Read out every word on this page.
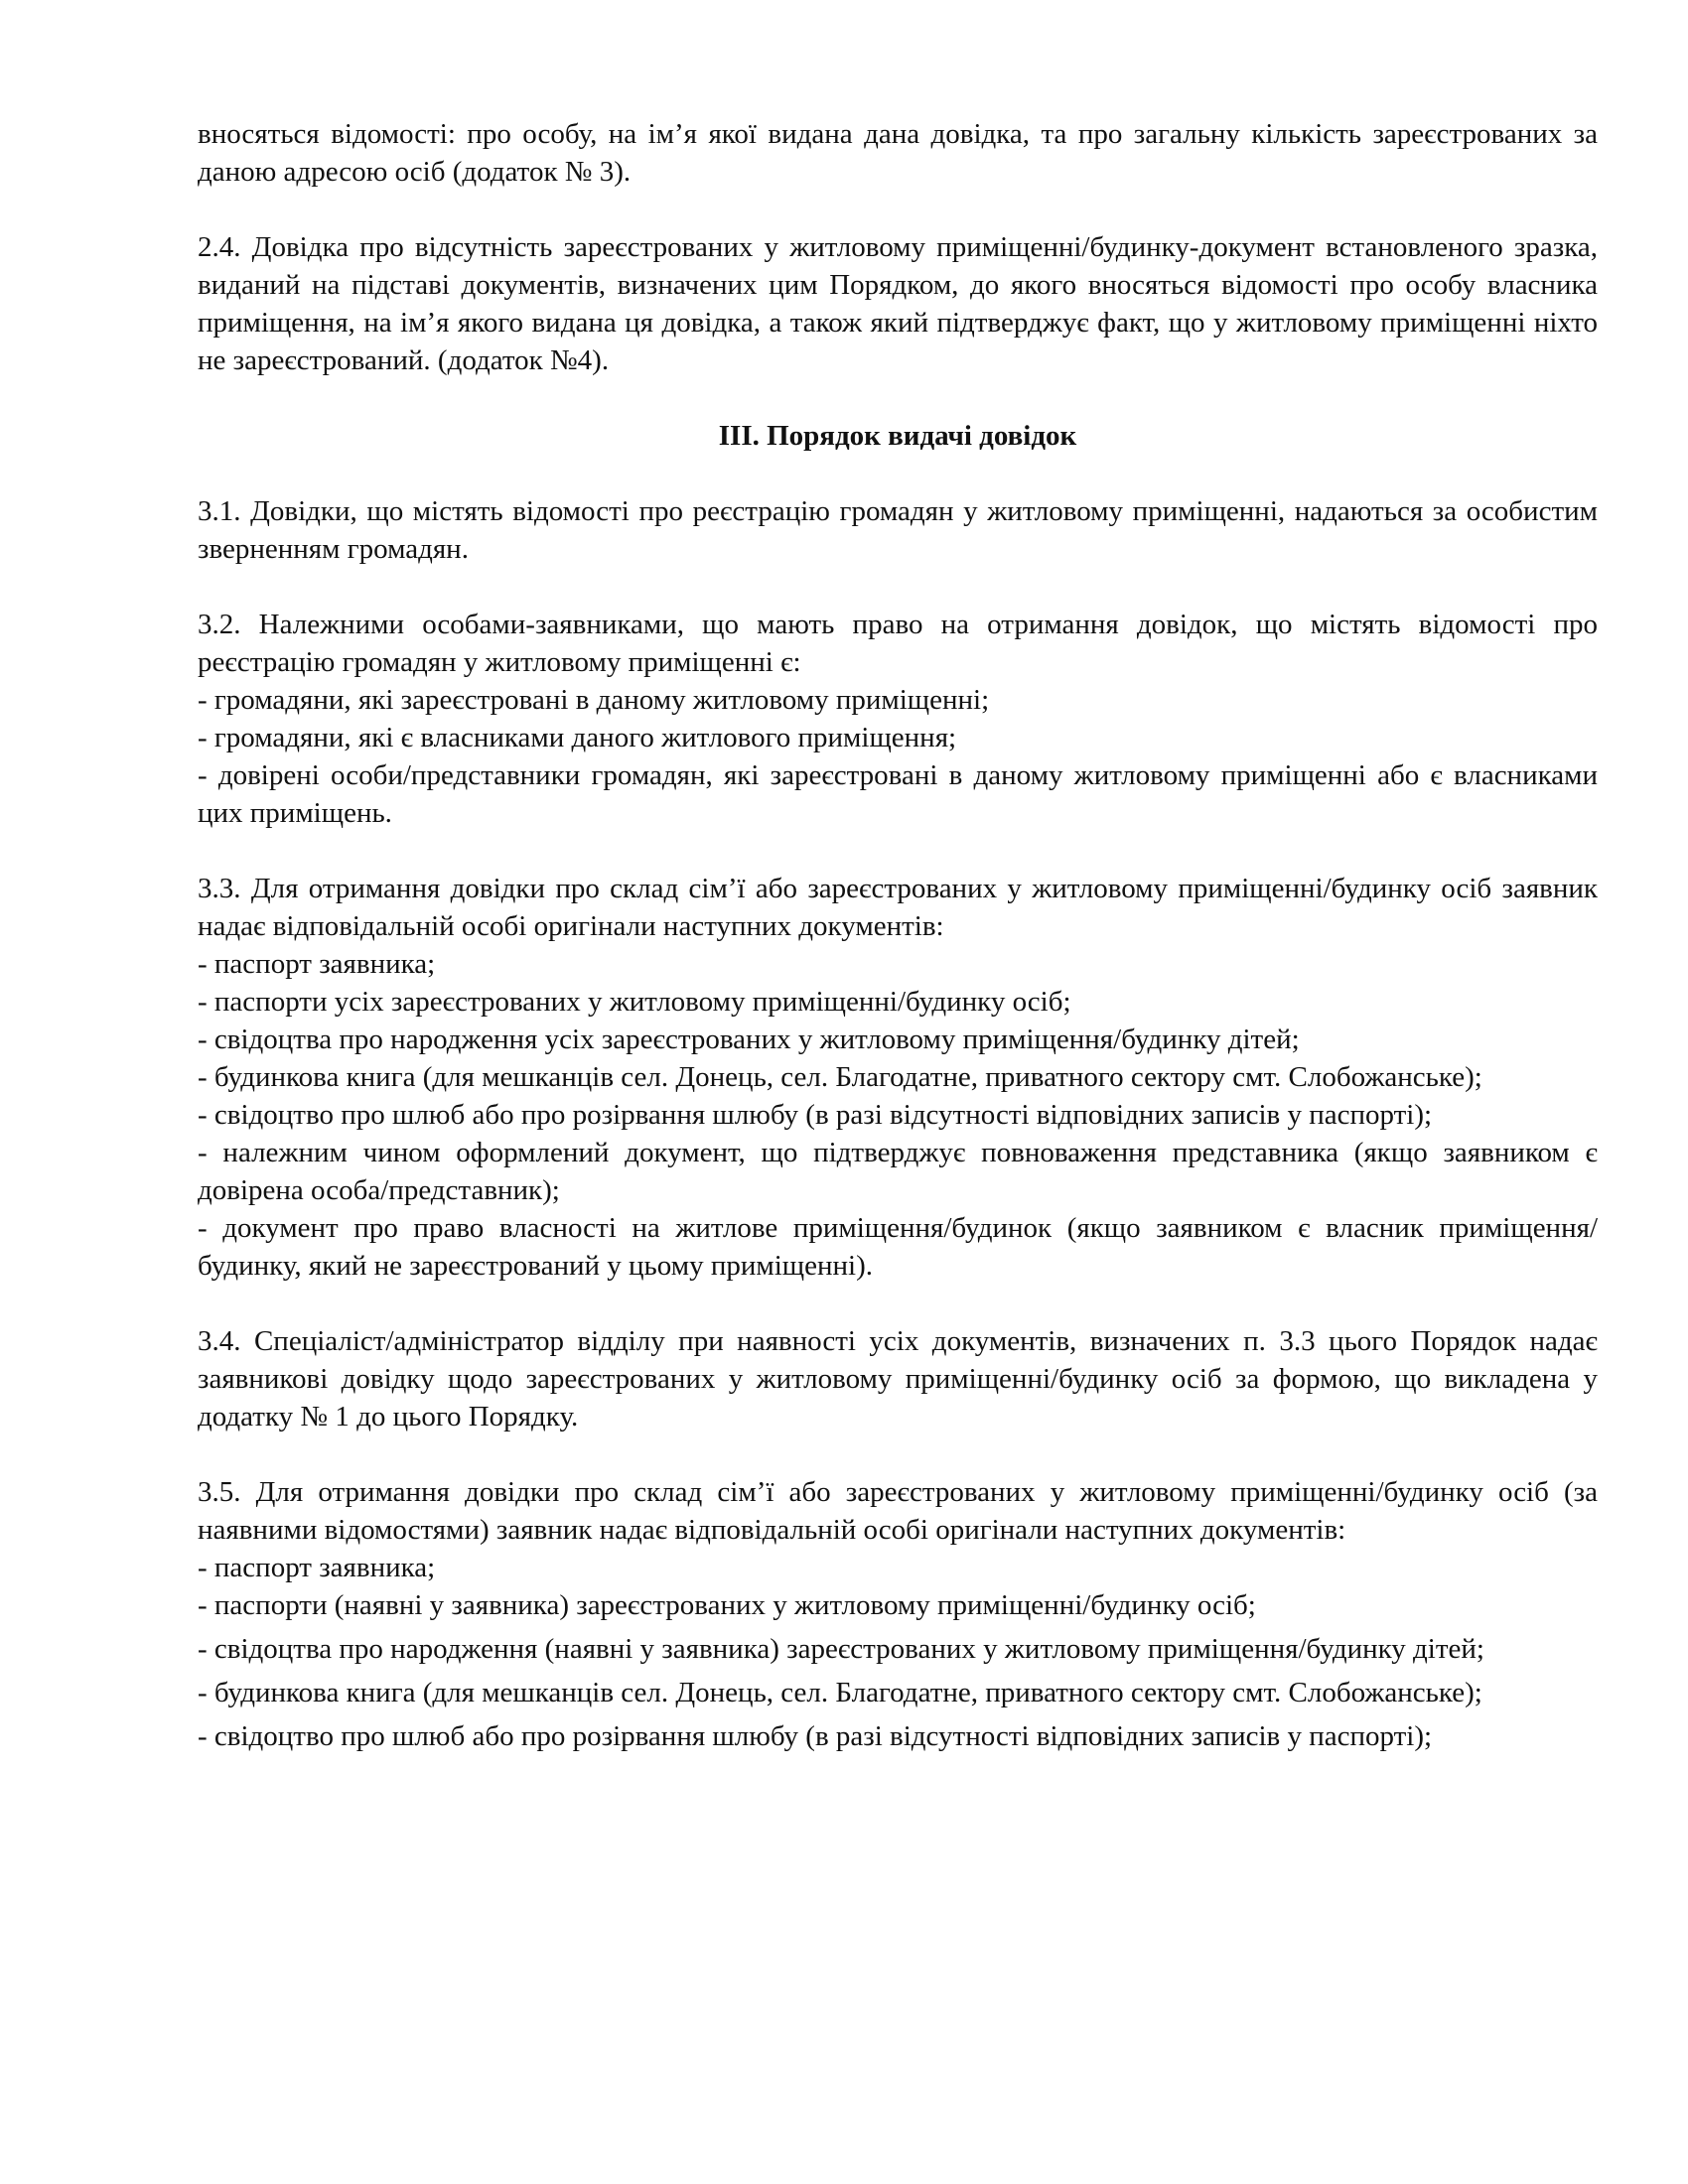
вносяться відомості: про особу, на ім’я якої видана дана довідка, та про загальну кількість зареєстрованих за даною адресою осіб (додаток № 3).

2.4. Довідка про відсутність зареєстрованих у житловому приміщенні/будинку-документ встановленого зразка, виданий на підставі документів, визначених цим Порядком, до якого вносяться відомості про особу власника приміщення, на ім’я якого видана ця довідка, а також який підтверджує факт, що у житловому приміщенні ніхто не зареєстрований. (додаток №4).

ІІІ. Порядок видачі довідок

3.1. Довідки, що містять відомості про реєстрацію громадян у житловому приміщенні, надаються за особистим зверненням громадян.

3.2. Належними особами-заявниками, що мають право на отримання довідок, що містять відомості про реєстрацію громадян у житловому приміщенні є:

- громадяни, які зареєстровані в даному житловому приміщенні;

- громадяни, які є власниками даного житлового приміщення;

- довірені особи/представники громадян, які зареєстровані в даному житловому приміщенні або є власниками цих приміщень.

3.3. Для отримання довідки про склад сім’ї або зареєстрованих у житловому приміщенні/будинку осіб заявник надає відповідальній особі оригінали наступних документів:

- паспорт заявника;

- паспорти усіх зареєстрованих у житловому приміщенні/будинку осіб;

- свідоцтва про народження усіх зареєстрованих у житловому приміщення/будинку дітей;

- будинкова книга (для мешканців сел. Донець, сел. Благодатне, приватного сектору смт. Слобожанське);

- свідоцтво про шлюб або про розірвання шлюбу (в разі відсутності відповідних записів у паспорті);

- належним чином оформлений документ, що підтверджує повноваження представника (якщо заявником є довірена особа/представник);

- документ про право власності на житлове приміщення/будинок (якщо заявником є власник приміщення/будинку, який не зареєстрований у цьому приміщенні).

3.4. Спеціаліст/адміністратор відділу при наявності усіх документів, визначених п. 3.3 цього Порядок надає заявникові довідку щодо зареєстрованих у житловому приміщенні/будинку осіб за формою, що викладена у додатку № 1 до цього Порядку.

3.5. Для отримання довідки про склад сім’ї або зареєстрованих у житловому приміщенні/будинку осіб (за наявними відомостями) заявник надає відповідальній особі оригінали наступних документів:

- паспорт заявника;

- паспорти (наявні у заявника) зареєстрованих у житловому приміщенні/будинку осіб;

- свідоцтва про народження (наявні у заявника) зареєстрованих у житловому приміщення/будинку дітей;

- будинкова книга (для мешканців сел. Донець, сел. Благодатне, приватного сектору смт. Слобожанське);

- свідоцтво про шлюб або про розірвання шлюбу (в разі відсутності відповідних записів у паспорті);
